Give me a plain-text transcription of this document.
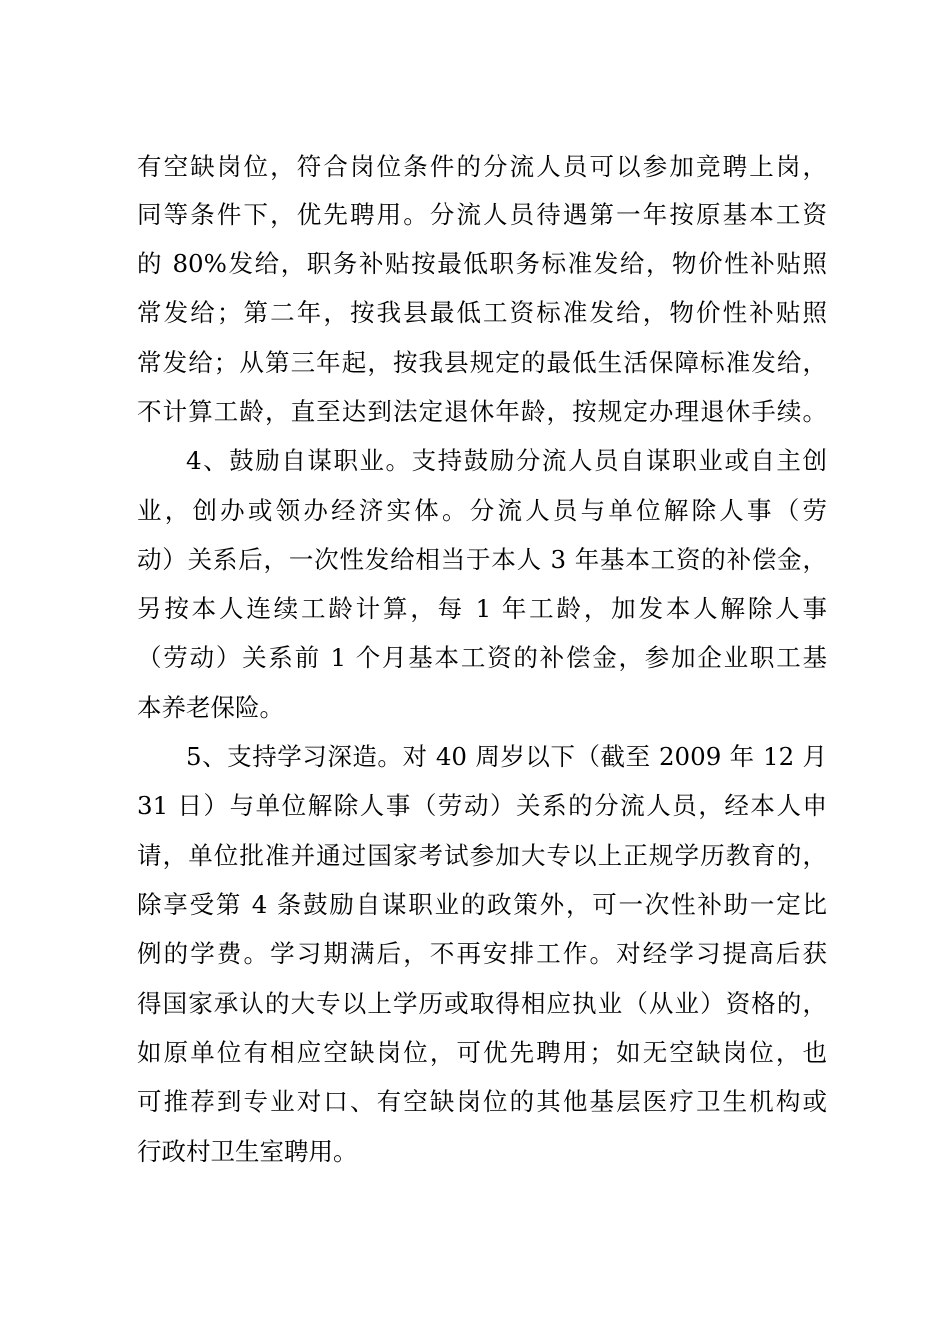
有空缺岗位，符合岗位条件的分流人员可以参加竞聘上岗，
同等条件下，优先聘用。分流人员待遇第一年按原基本工资
的 80%发给，职务补贴按最低职务标准发给，物价性补贴照
常发给；第二年，按我县最低工资标准发给，物价性补贴照
常发给；从第三年起，按我县规定的最低生活保障标准发给，
不计算工龄，直至达到法定退休年龄，按规定办理退休手续。
4、鼓励自谋职业。支持鼓励分流人员自谋职业或自主创
业，创办或领办经济实体。分流人员与单位解除人事（劳
动）关系后，一次性发给相当于本人 3 年基本工资的补偿金，
另按本人连续工龄计算，每 1 年工龄，加发本人解除人事
（劳动）关系前 1 个月基本工资的补偿金，参加企业职工基
本养老保险。
5、支持学习深造。对 40 周岁以下（截至 2009 年 12 月
31 日）与单位解除人事（劳动）关系的分流人员，经本人申
请，单位批准并通过国家考试参加大专以上正规学历教育的，
除享受第 4 条鼓励自谋职业的政策外，可一次性补助一定比
例的学费。学习期满后，不再安排工作。对经学习提高后获
得国家承认的大专以上学历或取得相应执业（从业）资格的，
如原单位有相应空缺岗位，可优先聘用；如无空缺岗位，也
可推荐到专业对口、有空缺岗位的其他基层医疗卫生机构或
行政村卫生室聘用。
